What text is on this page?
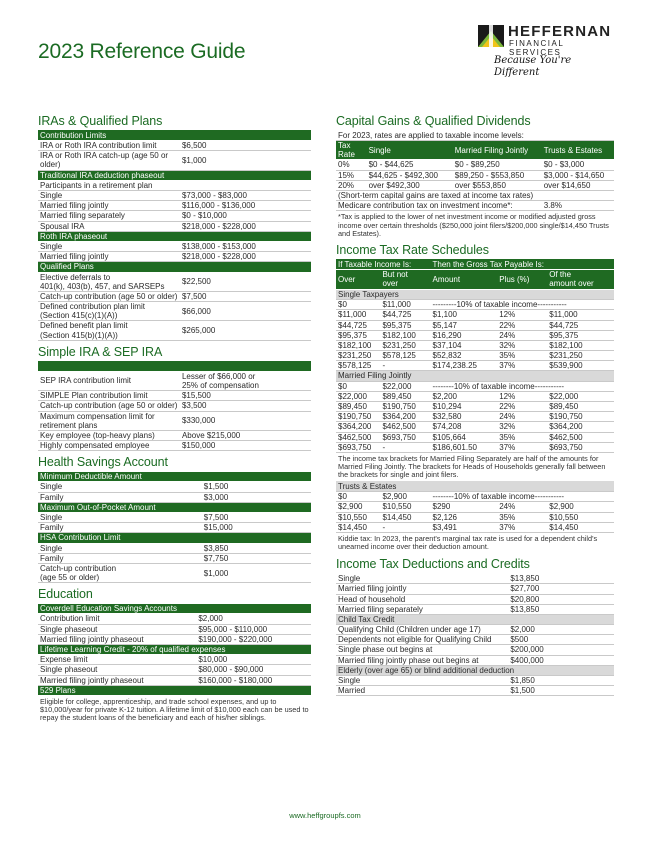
2023 Reference Guide
HEFFERNAN
FINANCIAL SERVICES
Because You're Different
IRAs & Qualified Plans
Contribution Limits	
IRA or Roth IRA contribution limit	$6,500
IRA or Roth IRA catch-up (age 50 or older)	$1,000
Traditional IRA deduction phaseout	
Participants in a retirement plan	
Single	$73,000 - $83,000
Married filing jointly	$116,000 - $136,000
Married filing separately	$0 - $10,000
Spousal IRA	$218,000 - $228,000
Roth IRA phaseout	
Single	$138,000 - $153,000
Married filing jointly	$218,000 - $228,000
Qualified Plans	
Elective deferrals to
401(k), 403(b), 457, and SARSEPs	$22,500
Catch-up contribution (age 50 or older)	$7,500
Defined contribution plan limit
(Section 415(c)(1)(A))	$66,000
Defined benefit plan limit
(Section 415(b)(1)(A))	$265,000
Simple IRA & SEP IRA

SEP IRA contribution limit	Lesser of $66,000 or
25% of compensation
SIMPLE Plan contribution limit	$15,500
Catch-up contribution (age 50 or older)	$3,500
Maximum compensation limit for
retirement plans	$330,000
Key employee (top-heavy plans)	Above $215,000
Highly compensated employee	$150,000
Health Savings Account
Minimum Deductible Amount	
Single	$1,500
Family	$3,000
Maximum Out-of-Pocket Amount	
Single	$7,500
Family	$15,000
HSA Contribution Limit	
Single	$3,850
Family	$7,750
Catch-up contribution
(age 55 or older)	$1,000
Education
Coverdell Education Savings Accounts	
Contribution limit	$2,000
Single phaseout	$95,000 - $110,000
Married filing jointly phaseout	$190,000 - $220,000
Lifetime Learning Credit - 20% of qualified expenses	
Expense limit	$10,000
Single phaseout	$80,000 - $90,000
Married filing jointly phaseout	$160,000 - $180,000
529 Plans	
Eligible for college, apprenticeship, and trade school expenses, and up to $10,000/year for private K-12 tuition. A lifetime limit of $10,000 each can be used to repay the student loans of the beneficiary and each of his/her siblings.
Capital Gains & Qualified Dividends
For 2023, rates are applied to taxable income levels:			
Tax
Rate	Single	Married Filing Jointly	Trusts & Estates
0%	$0 - $44,625	$0 - $89,250	$0 - $3,000
15%	$44,625 - $492,300	$89,250 - $553,850	$3,000 - $14,650
20%	over $492,300	over $553,850	over $14,650
(Short-term capital gains are taxed at income tax rates)			
Medicare contribution tax on investment income*:			3.8%
*Tax is applied to the lower of net investment income or modified adjusted gross income over certain thresholds ($250,000 joint filers/$200,000 single/$14,450 Trusts and Estates).
Income Tax Rate Schedules
If Taxable Income Is:		Then the Gross Tax Payable Is:		
Over	But not
over	Amount	Plus (%)	Of the
amount over
Single Taxpayers				
$0	$11,000	---------10% of taxable income-----------		
$11,000	$44,725	$1,100	12%	$11,000
$44,725	$95,375	$5,147	22%	$44,725
$95,375	$182,100	$16,290	24%	$95,375
$182,100	$231,250	$37,104	32%	$182,100
$231,250	$578,125	$52,832	35%	$231,250
$578,125	-	$174,238.25	37%	$539,900
Married Filing Jointly				
$0	$22,000	--------10% of taxable income-----------		
$22,000	$89,450	$2,200	12%	$22,000
$89,450	$190,750	$10,294	22%	$89,450
$190,750	$364,200	$32,580	24%	$190,750
$364,200	$462,500	$74,208	32%	$364,200
$462,500	$693,750	$105,664	35%	$462,500
$693,750	-	$186,601.50	37%	$693,750
The income tax brackets for Married Filing Separately are half of the amounts for Married Filing Jointly. The brackets for Heads of Households generally fall between the brackets for single and joint filers.				
Trusts & Estates				
$0	$2,900	--------10% of taxable income-----------		
$2,900	$10,550	$290	24%	$2,900
$10,550	$14,450	$2,126	35%	$10,550
$14,450	-	$3,491	37%	$14,450
Kiddie tax: In 2023, the parent's marginal tax rate is used for a dependent child's unearned income over their deduction amount.				
Income Tax Deductions and Credits
Single	$13,850
Married filing jointly	$27,700
Head of household	$20,800
Married filing separately	$13,850
Child Tax Credit	
Qualifying Child (Children under age 17)	$2,000
Dependents not eligible for Qualifying Child	$500
Single phase out begins at	$200,000
Married filing jointly phase out begins at	$400,000
Elderly (over age 65) or blind additional deduction	
Single	$1,850
Married	$1,500
www.heffgroupfs.com
